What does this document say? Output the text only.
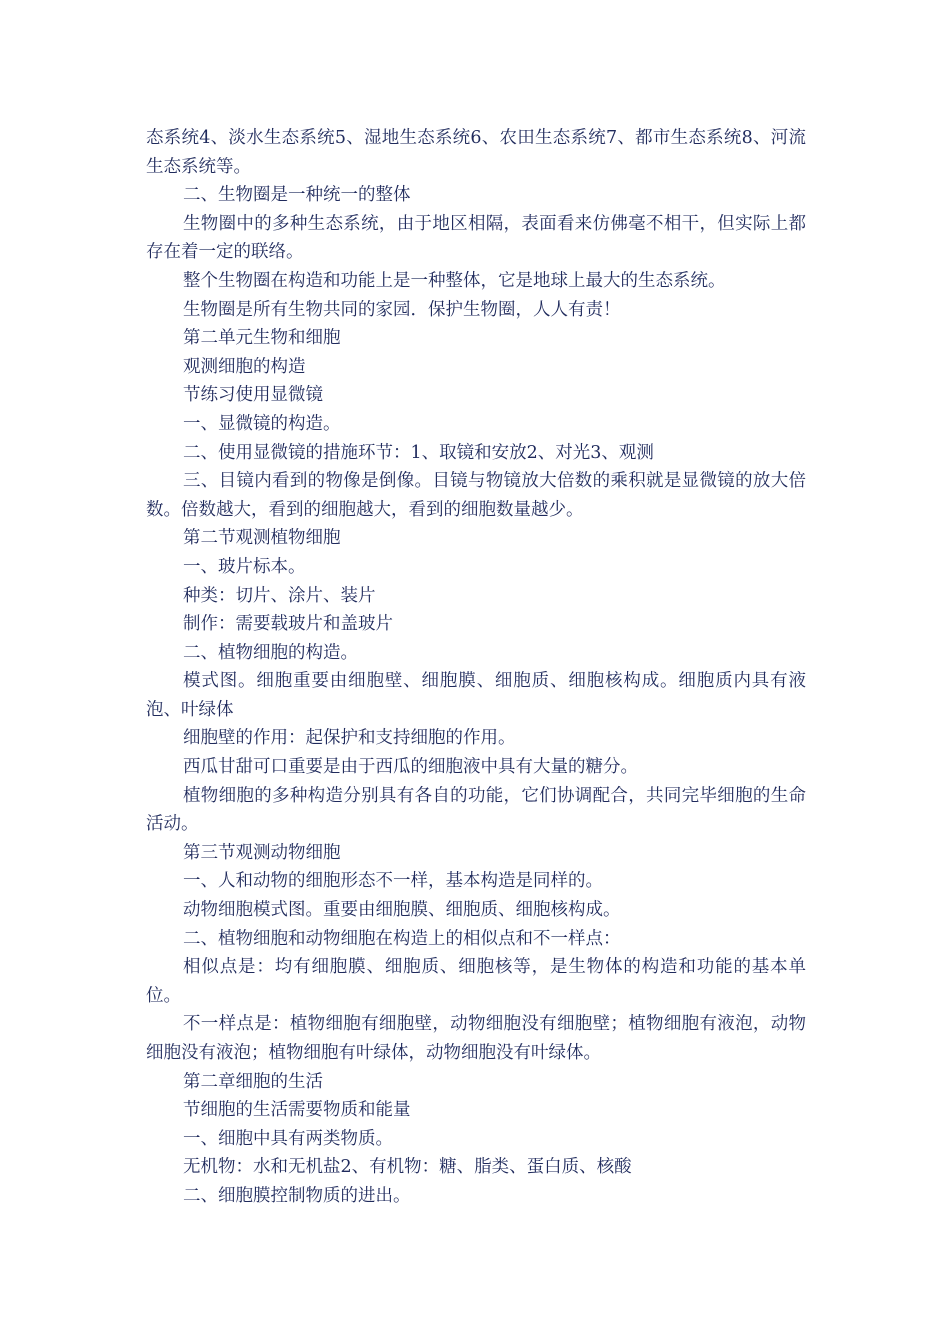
态系统4、淡水生态系统5、湿地生态系统6、农田生态系统7、都市生态系统8、河流生态系统等。

二、生物圈是一种统一的整体

生物圈中的多种生态系统，由于地区相隔，表面看来仿佛毫不相干，但实际上都存在着一定的联络。

整个生物圈在构造和功能上是一种整体，它是地球上最大的生态系统。

生物圈是所有生物共同的家园．保护生物圈，人人有责！

第二单元生物和细胞

观测细胞的构造

节练习使用显微镜

一、显微镜的构造。

二、使用显微镜的措施环节：1、取镜和安放2、对光3、观测

三、目镜内看到的物像是倒像。目镜与物镜放大倍数的乘积就是显微镜的放大倍数。倍数越大，看到的细胞越大，看到的细胞数量越少。

第二节观测植物细胞

一、玻片标本。

种类：切片、涂片、装片

制作：需要载玻片和盖玻片

二、植物细胞的构造。

模式图。细胞重要由细胞壁、细胞膜、细胞质、细胞核构成。细胞质内具有液泡、叶绿体

细胞壁的作用：起保护和支持细胞的作用。

西瓜甘甜可口重要是由于西瓜的细胞液中具有大量的糖分。

植物细胞的多种构造分别具有各自的功能，它们协调配合，共同完毕细胞的生命活动。

第三节观测动物细胞

一、人和动物的细胞形态不一样，基本构造是同样的。

动物细胞模式图。重要由细胞膜、细胞质、细胞核构成。

二、植物细胞和动物细胞在构造上的相似点和不一样点：

相似点是：均有细胞膜、细胞质、细胞核等，是生物体的构造和功能的基本单位。

不一样点是：植物细胞有细胞壁，动物细胞没有细胞壁；植物细胞有液泡，动物细胞没有液泡；植物细胞有叶绿体，动物细胞没有叶绿体。

第二章细胞的生活

节细胞的生活需要物质和能量

一、细胞中具有两类物质。

无机物：水和无机盐2、有机物：糖、脂类、蛋白质、核酸

二、细胞膜控制物质的进出。
